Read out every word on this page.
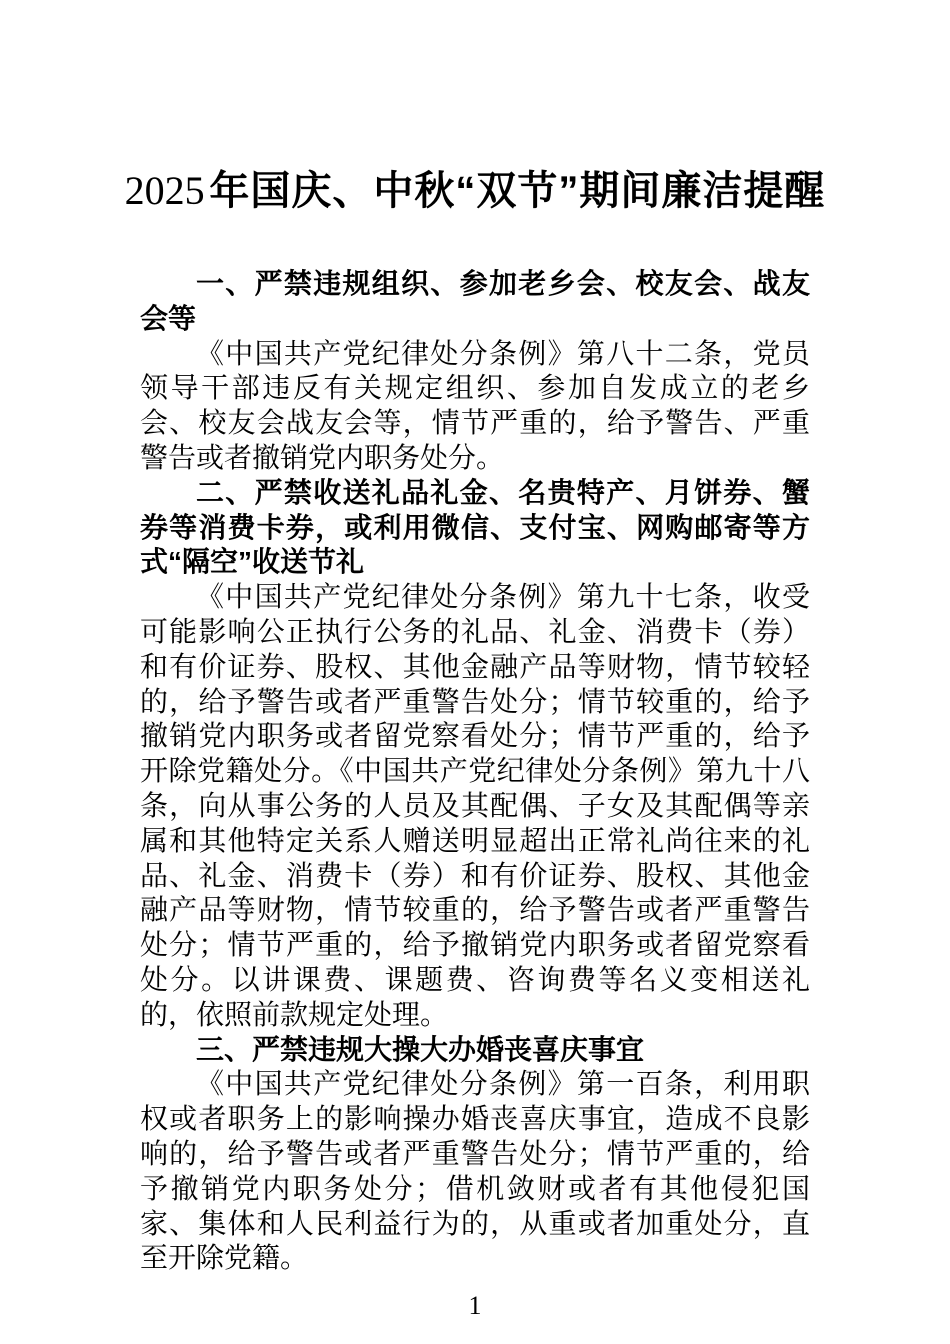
2025 年国庆、中秋“双节”期间廉洁提醒

一、严禁违规组织、参加老乡会、校友会、战友会等

《中国共产党纪律处分条例》第八十二条，党员领导干部违反有关规定组织、参加自发成立的老乡会、校友会战友会等，情节严重的，给予警告、严重警告或者撤销党内职务处分。

二、严禁收送礼品礼金、名贵特产、月饼券、蟹券等消费卡券，或利用微信、支付宝、网购邮寄等方式“隔空”收送节礼

《中国共产党纪律处分条例》第九十七条，收受可能影响公正执行公务的礼品、礼金、消费卡（券）和有价证券、股权、其他金融产品等财物，情节较轻的，给予警告或者严重警告处分；情节较重的，给予撤销党内职务或者留党察看处分；情节严重的，给予开除党籍处分。《中国共产党纪律处分条例》第九十八条，向从事公务的人员及其配偶、子女及其配偶等亲属和其他特定关系人赠送明显超出正常礼尚往来的礼品、礼金、消费卡（券）和有价证券、股权、其他金融产品等财物，情节较重的，给予警告或者严重警告处分；情节严重的，给予撤销党内职务或者留党察看处分。以讲课费、课题费、咨询费等名义变相送礼的，依照前款规定处理。

三、严禁违规大操大办婚丧喜庆事宜

《中国共产党纪律处分条例》第一百条，利用职权或者职务上的影响操办婚丧喜庆事宜，造成不良影响的，给予警告或者严重警告处分；情节严重的，给予撤销党内职务处分；借机敛财或者有其他侵犯国家、集体和人民利益行为的，从重或者加重处分，直至开除党籍。

1
